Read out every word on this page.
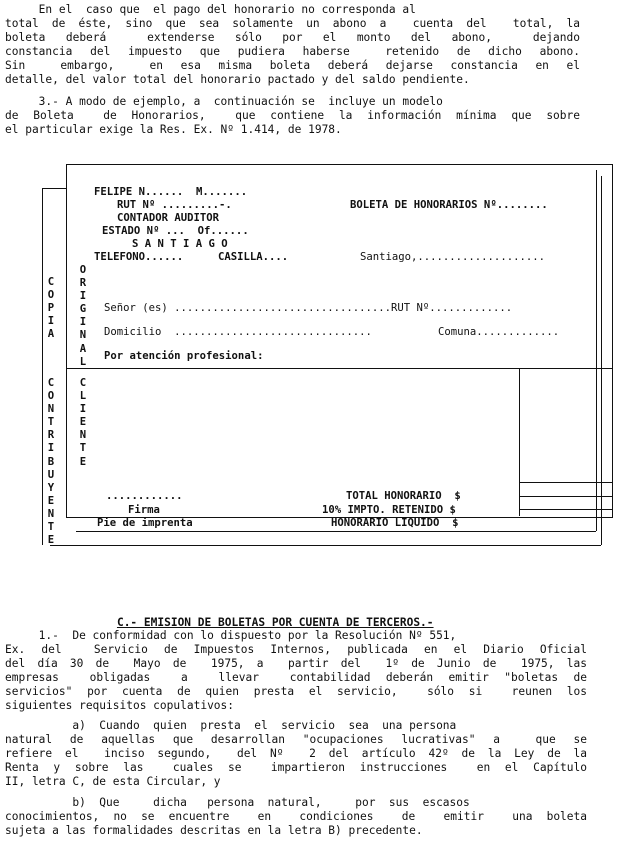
En el  caso que  el pago del honorario no corresponda al
total de éste, sino que sea solamente un abono a  cuenta del  total, la
boleta deberá  extenderse sólo por el monto del abono,  dejando
constancia del impuesto que pudiera haberse  retenido de dicho abono.
Sin  embargo,  en esa misma boleta deberá dejarse constancia en el
detalle, del valor total del honorario pactado y del saldo pendiente.
3.- A modo de ejemplo, a  continuación se  incluye un modelo
de Boleta  de Honorarios,  que contiene la información mínima que sobre
el particular exige la Res. Ex. Nº 1.414, de 1978.
FELIPE N......  M.......
RUT Nº .........-.
CONTADOR AUDITOR
ESTADO Nº ...  Of......
S A N T I A G O
TELEFONO......	CASILLA....
BOLETA DE HONORARIOS Nº........
Santiago,....................
Señor (es) ..................................RUT Nº.............
Domicilio  ...............................	Comuna.............
Por atención profesional:
ORIGINAL
COPIA
CLIENTE
CONTRIBUYENTE
............
Firma
Pie de imprenta
TOTAL HONORARIO  $
10% IMPTO. RETENIDO $
HONORARIO LIQUIDO  $

C.- EMISION DE BOLETAS POR CUENTA DE TERCEROS.-

1.-  De conformidad con lo dispuesto por la Resolución Nº 551,
Ex. del  Servicio de Impuestos Internos, publicada en el Diario Oficial
del día 30 de  Mayo de  1975, a  partir del  1º de Junio de  1975, las
empresas  obligadas  a  llevar  contabilidad deberán emitir "boletas de
servicios" por cuenta de quien presta el servicio,  sólo si  reunen los
siguientes requisitos copulativos:
a)  Cuando  quien  presta  el  servicio  sea  una persona
natural de aquellas que desarrollan "ocupaciones lucrativas" a  que se
refiere el  inciso segundo,  del Nº  2 del artículo 42º de la Ley de la
Renta y sobre las  cuales se  impartieron instrucciones  en el Capítulo
II, letra C, de esta Circular, y
b)  Que     dicha   persona  natural,     por  sus  escasos
conocimientos, no se encuentre  en  condiciones  de  emitir  una boleta
sujeta a las formalidades descritas en la letra B) precedente.
